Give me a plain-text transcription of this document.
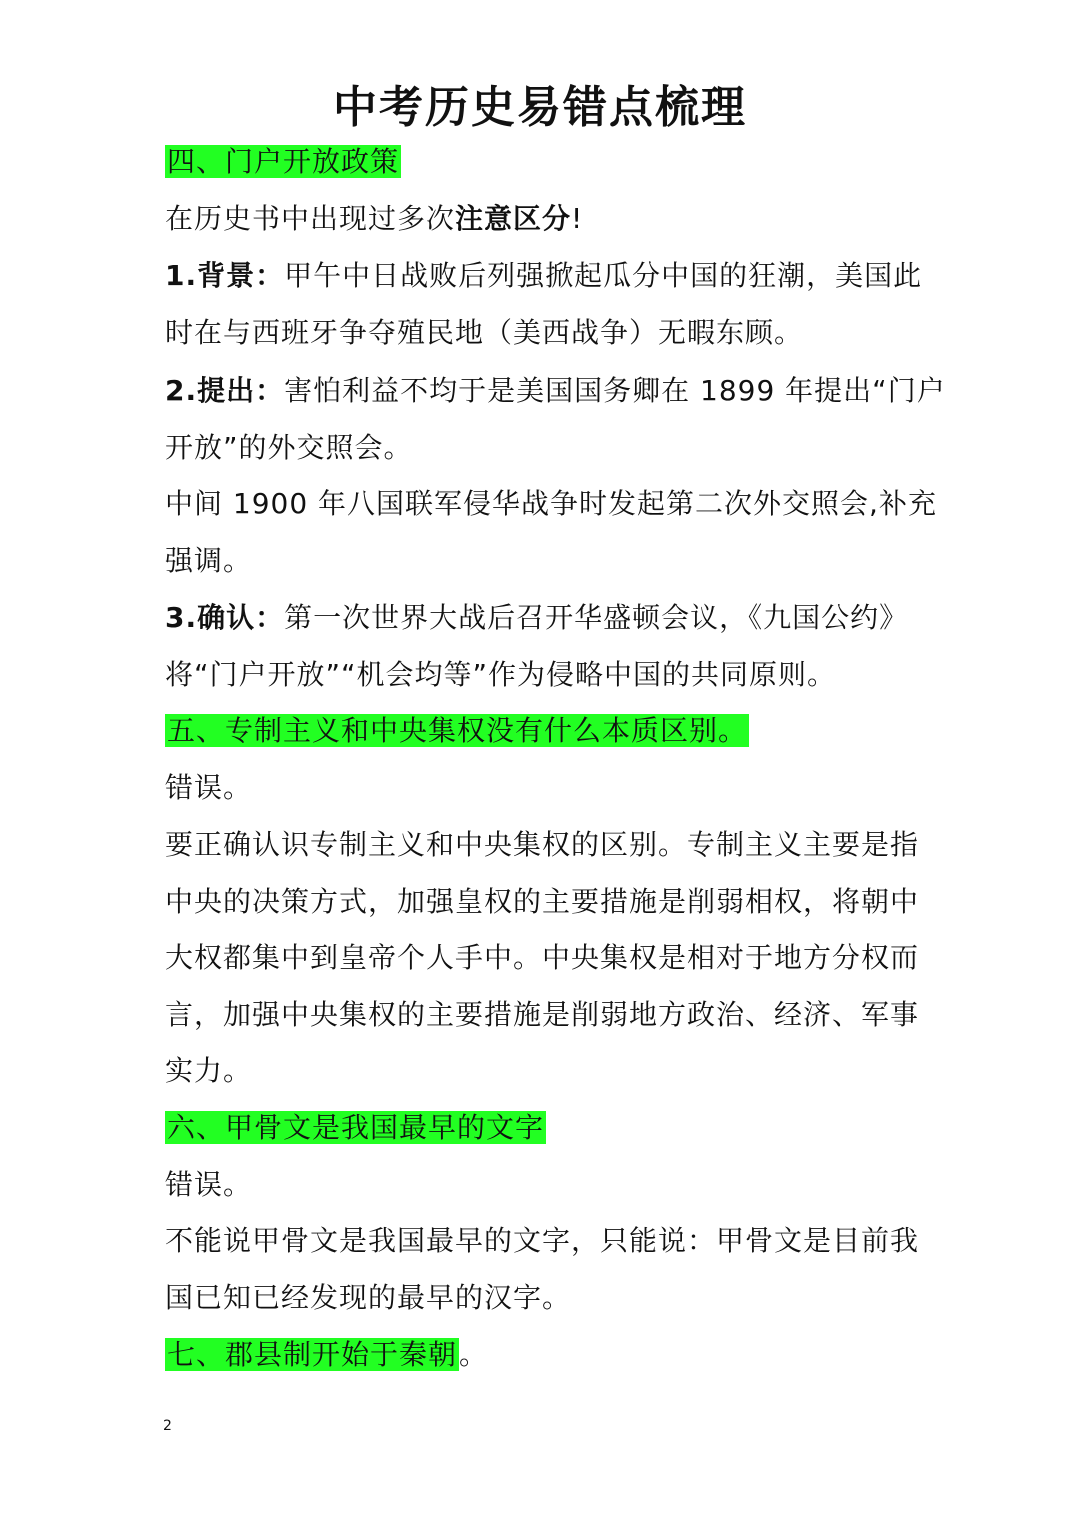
中考历史易错点梳理
四、门户开放政策
在历史书中出现过多次注意区分!
1.背景：甲午中日战败后列强掀起瓜分中国的狂潮，美国此
时在与西班牙争夺殖民地（美西战争）无暇东顾。
2.提出：害怕利益不均于是美国国务卿在 1899 年提出“门户
开放”的外交照会。
中间 1900 年八国联军侵华战争时发起第二次外交照会,补充
强调。
3.确认：第一次世界大战后召开华盛顿会议，《九国公约》
将“门户开放”“机会均等”作为侵略中国的共同原则。
五、专制主义和中央集权没有什么本质区别。
错误。
要正确认识专制主义和中央集权的区别。专制主义主要是指
中央的决策方式，加强皇权的主要措施是削弱相权，将朝中
大权都集中到皇帝个人手中。中央集权是相对于地方分权而
言，加强中央集权的主要措施是削弱地方政治、经济、军事
实力。
六、甲骨文是我国最早的文字
错误。
不能说甲骨文是我国最早的文字，只能说：甲骨文是目前我
国已知已经发现的最早的汉字。
七、郡县制开始于秦朝。
2
